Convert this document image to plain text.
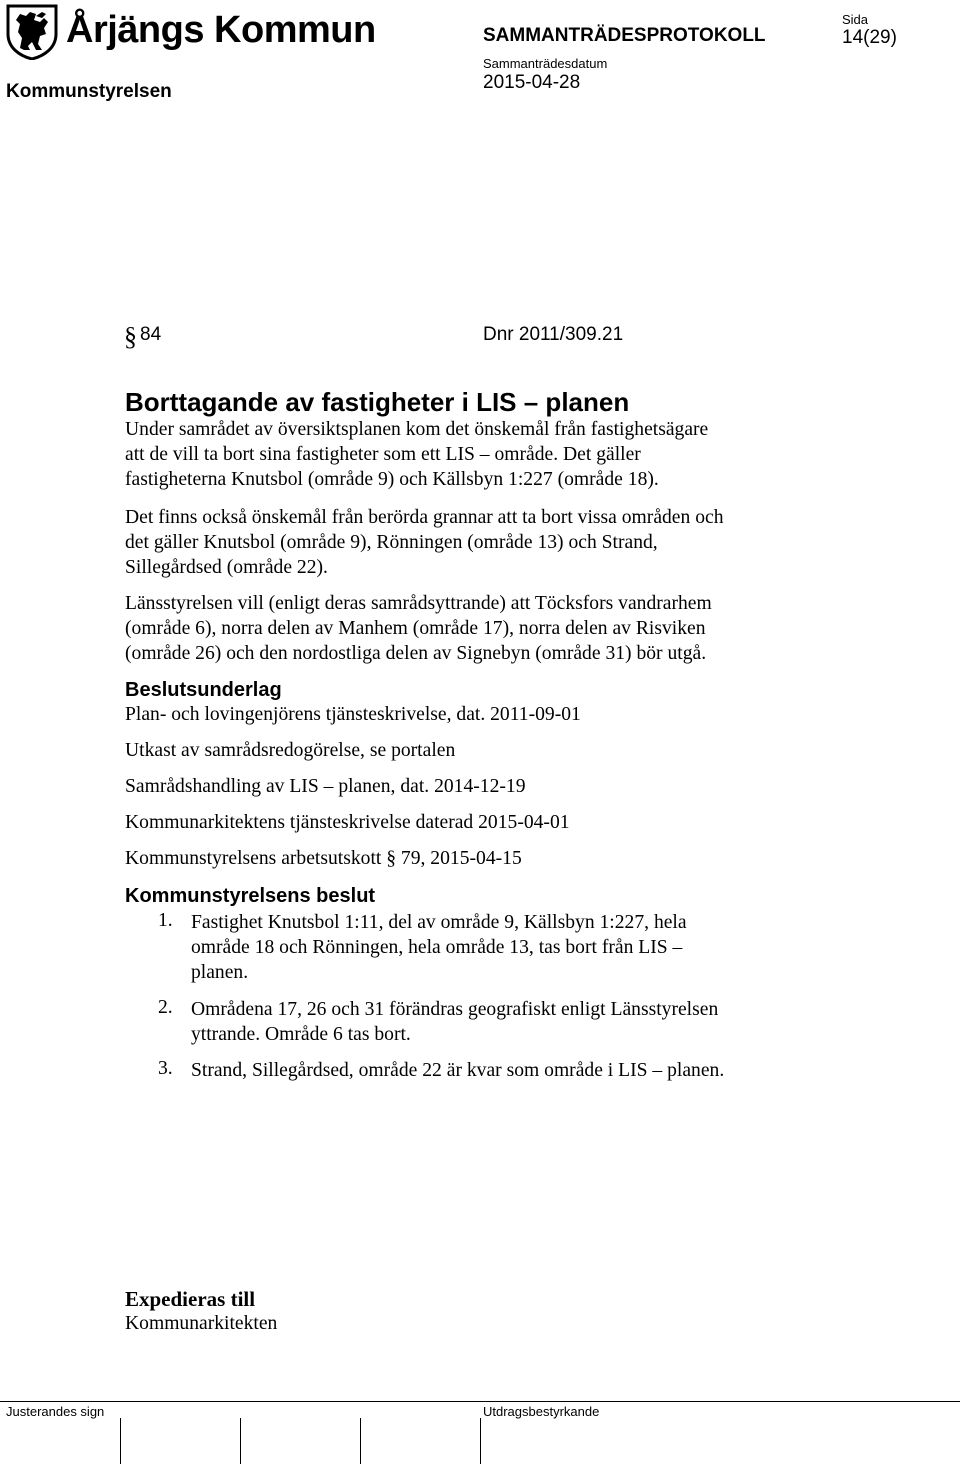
Årjängs Kommun	SAMMANTRÄDESPROTOKOLL
Sida
14(29)
Kommunstyrelsen
Sammanträdesdatum
2015-04-28
§ 84	Dnr 2011/309.21
Borttagande av fastigheter i LIS – planen
Under samrådet av översiktsplanen kom det önskemål från fastighetsägare
att de vill ta bort sina fastigheter som ett LIS – område. Det gäller
fastigheterna Knutsbol (område 9) och Källsbyn 1:227 (område 18).
Det finns också önskemål från berörda grannar att ta bort vissa områden och
det gäller Knutsbol (område 9), Rönningen (område 13) och Strand,
Sillegårdsed (område 22).
Länsstyrelsen vill (enligt deras samrådsyttrande) att Töcksfors vandrarhem
(område 6), norra delen av Manhem (område 17), norra delen av Risviken
(område 26) och den nordostliga delen av Signebyn (område 31) bör utgå.
Beslutsunderlag
Plan- och lovingenjörens tjänsteskrivelse, dat. 2011-09-01
Utkast av samrådsredogörelse, se portalen
Samrådshandling av LIS – planen, dat. 2014-12-19
Kommunarkitektens tjänsteskrivelse daterad 2015-04-01
Kommunstyrelsens arbetsutskott § 79, 2015-04-15
Kommunstyrelsens beslut
1. Fastighet Knutsbol 1:11, del av område 9, Källsbyn 1:227, hela
område 18 och Rönningen, hela område 13, tas bort från LIS –
planen.
2. Områdena 17, 26 och 31 förändras geografiskt enligt Länsstyrelsen
yttrande. Område 6 tas bort.
3. Strand, Sillegårdsed, område 22 är kvar som område i LIS – planen.
Expedieras till
Kommunarkitekten
Justerandes sign	Utdragsbestyrkande
